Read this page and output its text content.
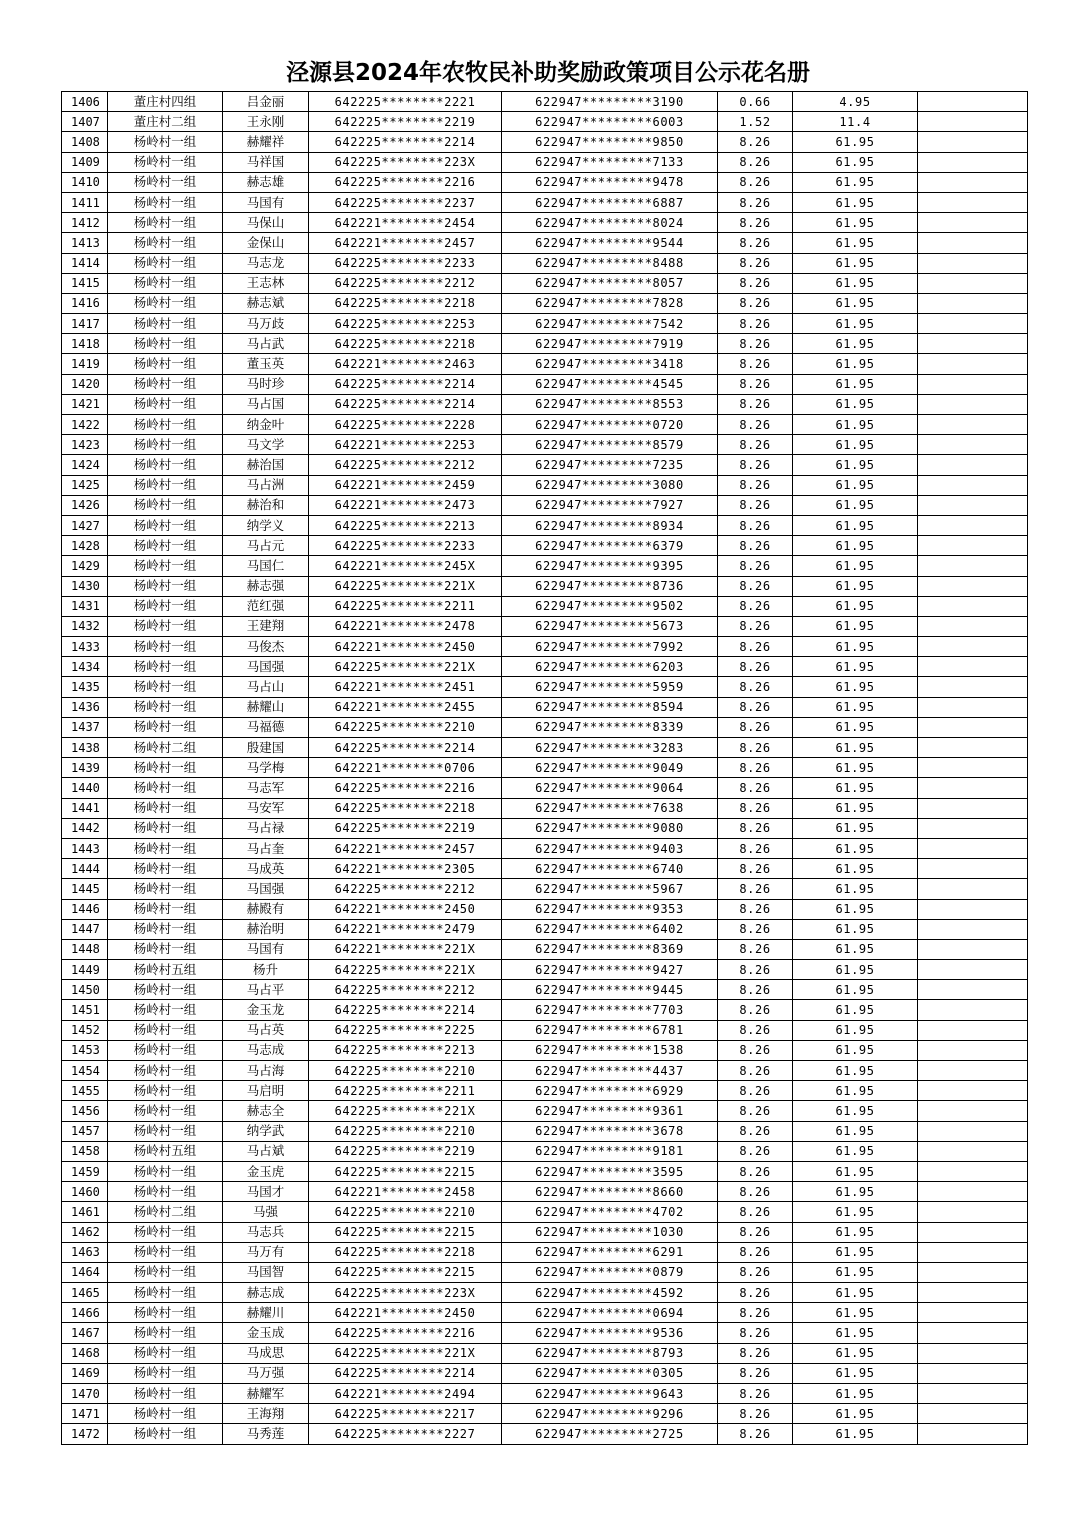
泾源县2024年农牧民补助奖励政策项目公示花名册
1406	董庄村四组	吕金丽	642225********2221	622947*********3190	0.66	4.95	
1407	董庄村二组	王永刚	642225********2219	622947*********6003	1.52	11.4	
1408	杨岭村一组	赫耀祥	642225********2214	622947*********9850	8.26	61.95	
1409	杨岭村一组	马祥国	642225********223X	622947*********7133	8.26	61.95	
1410	杨岭村一组	赫志雄	642225********2216	622947*********9478	8.26	61.95	
1411	杨岭村一组	马国有	642225********2237	622947*********6887	8.26	61.95	
1412	杨岭村一组	马保山	642221********2454	622947*********8024	8.26	61.95	
1413	杨岭村一组	金保山	642221********2457	622947*********9544	8.26	61.95	
1414	杨岭村一组	马志龙	642225********2233	622947*********8488	8.26	61.95	
1415	杨岭村一组	王志林	642225********2212	622947*********8057	8.26	61.95	
1416	杨岭村一组	赫志斌	642225********2218	622947*********7828	8.26	61.95	
1417	杨岭村一组	马万歧	642225********2253	622947*********7542	8.26	61.95	
1418	杨岭村一组	马占武	642225********2218	622947*********7919	8.26	61.95	
1419	杨岭村一组	董玉英	642221********2463	622947*********3418	8.26	61.95	
1420	杨岭村一组	马时珍	642225********2214	622947*********4545	8.26	61.95	
1421	杨岭村一组	马占国	642225********2214	622947*********8553	8.26	61.95	
1422	杨岭村一组	纳金叶	642225********2228	622947*********0720	8.26	61.95	
1423	杨岭村一组	马文学	642221********2253	622947*********8579	8.26	61.95	
1424	杨岭村一组	赫治国	642225********2212	622947*********7235	8.26	61.95	
1425	杨岭村一组	马占洲	642221********2459	622947*********3080	8.26	61.95	
1426	杨岭村一组	赫治和	642221********2473	622947*********7927	8.26	61.95	
1427	杨岭村一组	纳学义	642225********2213	622947*********8934	8.26	61.95	
1428	杨岭村一组	马占元	642225********2233	622947*********6379	8.26	61.95	
1429	杨岭村一组	马国仁	642221********245X	622947*********9395	8.26	61.95	
1430	杨岭村一组	赫志强	642225********221X	622947*********8736	8.26	61.95	
1431	杨岭村一组	范红强	642225********2211	622947*********9502	8.26	61.95	
1432	杨岭村一组	王建翔	642221********2478	622947*********5673	8.26	61.95	
1433	杨岭村一组	马俊杰	642221********2450	622947*********7992	8.26	61.95	
1434	杨岭村一组	马国强	642225********221X	622947*********6203	8.26	61.95	
1435	杨岭村一组	马占山	642221********2451	622947*********5959	8.26	61.95	
1436	杨岭村一组	赫耀山	642221********2455	622947*********8594	8.26	61.95	
1437	杨岭村一组	马福德	642225********2210	622947*********8339	8.26	61.95	
1438	杨岭村二组	殷建国	642225********2214	622947*********3283	8.26	61.95	
1439	杨岭村一组	马学梅	642221********0706	622947*********9049	8.26	61.95	
1440	杨岭村一组	马志军	642225********2216	622947*********9064	8.26	61.95	
1441	杨岭村一组	马安军	642225********2218	622947*********7638	8.26	61.95	
1442	杨岭村一组	马占禄	642225********2219	622947*********9080	8.26	61.95	
1443	杨岭村一组	马占奎	642221********2457	622947*********9403	8.26	61.95	
1444	杨岭村一组	马成英	642221********2305	622947*********6740	8.26	61.95	
1445	杨岭村一组	马国强	642225********2212	622947*********5967	8.26	61.95	
1446	杨岭村一组	赫殿有	642221********2450	622947*********9353	8.26	61.95	
1447	杨岭村一组	赫治明	642221********2479	622947*********6402	8.26	61.95	
1448	杨岭村一组	马国有	642221********221X	622947*********8369	8.26	61.95	
1449	杨岭村五组	杨升	642225********221X	622947*********9427	8.26	61.95	
1450	杨岭村一组	马占平	642225********2212	622947*********9445	8.26	61.95	
1451	杨岭村一组	金玉龙	642225********2214	622947*********7703	8.26	61.95	
1452	杨岭村一组	马占英	642225********2225	622947*********6781	8.26	61.95	
1453	杨岭村一组	马志成	642225********2213	622947*********1538	8.26	61.95	
1454	杨岭村一组	马占海	642225********2210	622947*********4437	8.26	61.95	
1455	杨岭村一组	马启明	642225********2211	622947*********6929	8.26	61.95	
1456	杨岭村一组	赫志全	642225********221X	622947*********9361	8.26	61.95	
1457	杨岭村一组	纳学武	642225********2210	622947*********3678	8.26	61.95	
1458	杨岭村五组	马占斌	642225********2219	622947*********9181	8.26	61.95	
1459	杨岭村一组	金玉虎	642225********2215	622947*********3595	8.26	61.95	
1460	杨岭村一组	马国才	642221********2458	622947*********8660	8.26	61.95	
1461	杨岭村二组	马强	642225********2210	622947*********4702	8.26	61.95	
1462	杨岭村一组	马志兵	642225********2215	622947*********1030	8.26	61.95	
1463	杨岭村一组	马万有	642225********2218	622947*********6291	8.26	61.95	
1464	杨岭村一组	马国智	642225********2215	622947*********0879	8.26	61.95	
1465	杨岭村一组	赫志成	642225********223X	622947*********4592	8.26	61.95	
1466	杨岭村一组	赫耀川	642221********2450	622947*********0694	8.26	61.95	
1467	杨岭村一组	金玉成	642225********2216	622947*********9536	8.26	61.95	
1468	杨岭村一组	马成思	642225********221X	622947*********8793	8.26	61.95	
1469	杨岭村一组	马万强	642225********2214	622947*********0305	8.26	61.95	
1470	杨岭村一组	赫耀军	642221********2494	622947*********9643	8.26	61.95	
1471	杨岭村一组	王海翔	642225********2217	622947*********9296	8.26	61.95	
1472	杨岭村一组	马秀莲	642225********2227	622947*********2725	8.26	61.95	
